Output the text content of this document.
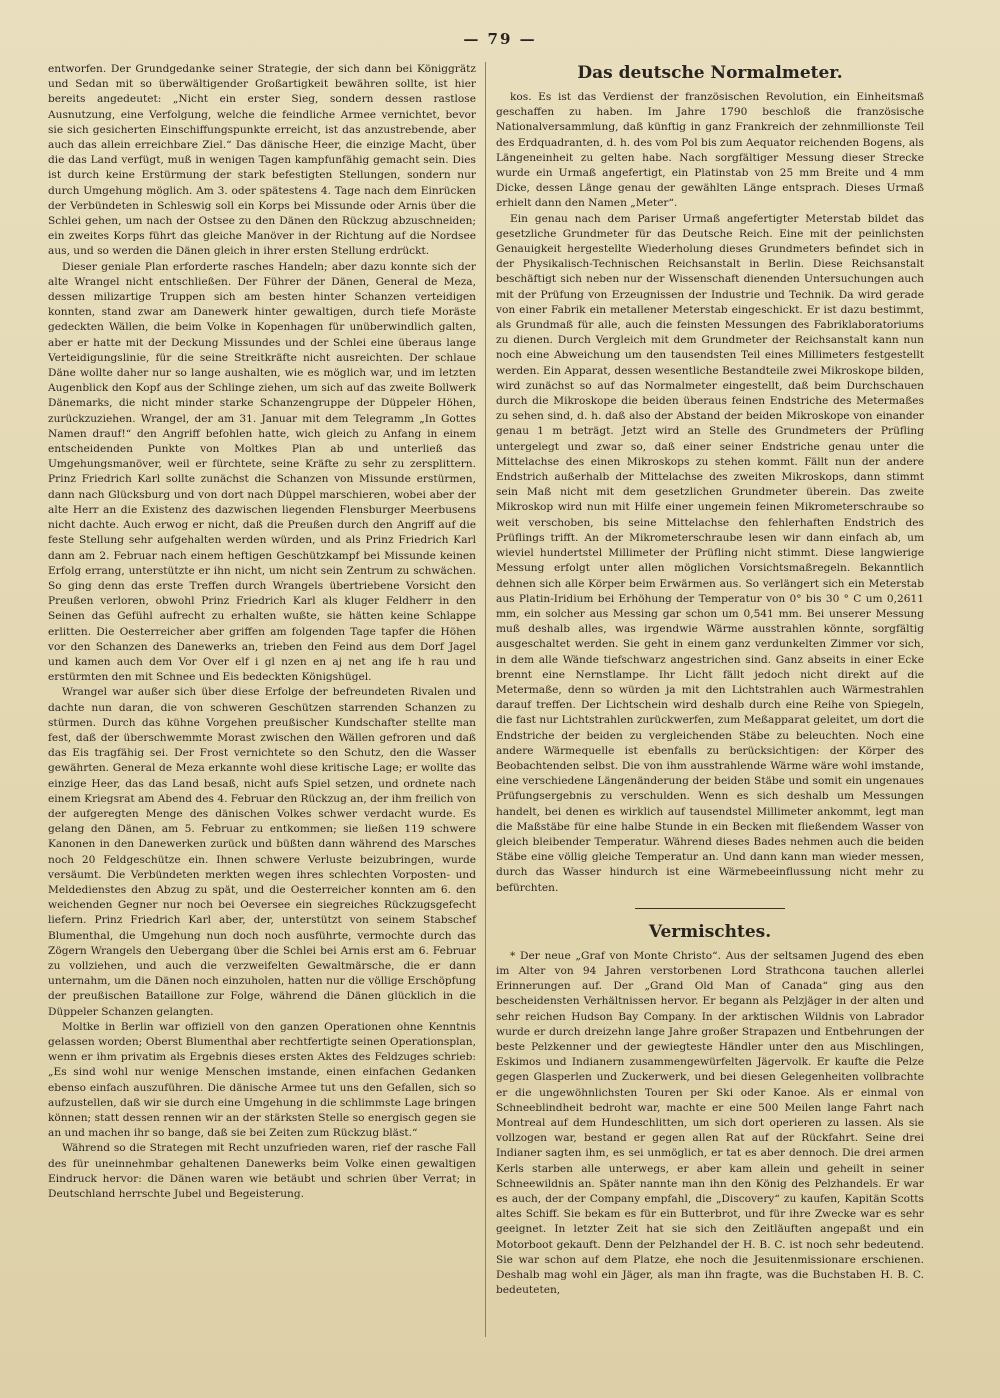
— 79 —

entworfen. Der Grundgedanke seiner Strategie, der sich dann bei Königgrätz und Sedan mit so überwältigender Großartigkeit bewähren sollte, ist hier bereits angedeutet: „Nicht ein erster Sieg, sondern dessen rastlose Ausnutzung, eine Verfolgung, welche die feindliche Armee vernichtet, bevor sie sich gesicherten Einschiffungspunkte erreicht, ist das anzustrebende, aber auch das allein erreichbare Ziel.“ Das dänische Heer, die einzige Macht, über die das Land verfügt, muß in wenigen Tagen kampfunfähig gemacht sein. Dies ist durch keine Erstürmung der stark befestigten Stellungen, sondern nur durch Umgehung möglich. Am 3. oder spätestens 4. Tage nach dem Einrücken der Verbündeten in Schleswig soll ein Korps bei Missunde oder Arnis über die Schlei gehen, um nach der Ostsee zu den Dänen den Rückzug abzuschneiden; ein zweites Korps führt das gleiche Manöver in der Richtung auf die Nordsee aus, und so werden die Dänen gleich in ihrer ersten Stellung erdrückt.

Dieser geniale Plan erforderte rasches Handeln; aber dazu konnte sich der alte Wrangel nicht entschließen. Der Führer der Dänen, General de Meza, dessen milizartige Truppen sich am besten hinter Schanzen verteidigen konnten, stand zwar am Danewerk hinter gewaltigen, durch tiefe Moräste gedeckten Wällen, die beim Volke in Kopenhagen für unüberwindlich galten, aber er hatte mit der Deckung Missundes und der Schlei eine überaus lange Verteidigungslinie, für die seine Streitkräfte nicht ausreichten. Der schlaue Däne wollte daher nur so lange aushalten, wie es möglich war, und im letzten Augenblick den Kopf aus der Schlinge ziehen, um sich auf das zweite Bollwerk Dänemarks, die nicht minder starke Schanzengruppe der Düppeler Höhen, zurückzuziehen. Wrangel, der am 31. Januar mit dem Telegramm „In Gottes Namen drauf!“ den Angriff befohlen hatte, wich gleich zu Anfang in einem entscheidenden Punkte von Moltkes Plan ab und unterließ das Umgehungsmanöver, weil er fürchtete, seine Kräfte zu sehr zu zersplittern. Prinz Friedrich Karl sollte zunächst die Schanzen von Missunde erstürmen, dann nach Glücksburg und von dort nach Düppel marschieren, wobei aber der alte Herr an die Existenz des dazwischen liegenden Flensburger Meerbusens nicht dachte. Auch erwog er nicht, daß die Preußen durch den Angriff auf die feste Stellung sehr aufgehalten werden würden, und als Prinz Friedrich Karl dann am 2. Februar nach einem heftigen Geschützkampf bei Missunde keinen Erfolg errang, unterstützte er ihn nicht, um nicht sein Zentrum zu schwächen. So ging denn das erste Treffen durch Wrangels übertriebene Vorsicht den Preußen verloren, obwohl Prinz Friedrich Karl als kluger Feldherr in den Seinen das Gefühl aufrecht zu erhalten wußte, sie hätten keine Schlappe erlitten. Die Oesterreicher aber griffen am folgenden Tage tapfer die Höhen vor den Schanzen des Danewerks an, trieben den Feind aus dem Dorf Jagel und kamen auch dem Vor Over elf i gl nzen en aj net ang ife h rau und erstürmten den mit Schnee und Eis bedeckten Königshügel.

Wrangel war außer sich über diese Erfolge der befreundeten Rivalen und dachte nun daran, die von schweren Geschützen starrenden Schanzen zu stürmen. Durch das kühne Vorgehen preußischer Kundschafter stellte man fest, daß der überschwemmte Morast zwischen den Wällen gefroren und daß das Eis tragfähig sei. Der Frost vernichtete so den Schutz, den die Wasser gewährten. General de Meza erkannte wohl diese kritische Lage; er wollte das einzige Heer, das das Land besaß, nicht aufs Spiel setzen, und ordnete nach einem Kriegsrat am Abend des 4. Februar den Rückzug an, der ihm freilich von der aufgeregten Menge des dänischen Volkes schwer verdacht wurde. Es gelang den Dänen, am 5. Februar zu entkommen; sie ließen 119 schwere Kanonen in den Danewerken zurück und büßten dann während des Marsches noch 20 Feldgeschütze ein. Ihnen schwere Verluste beizubringen, wurde versäumt. Die Verbündeten merkten wegen ihres schlechten Vorposten- und Meldedienstes den Abzug zu spät, und die Oesterreicher konnten am 6. den weichenden Gegner nur noch bei Oeversee ein siegreiches Rückzugsgefecht liefern. Prinz Friedrich Karl aber, der, unterstützt von seinem Stabschef Blumenthal, die Umgehung nun doch noch ausführte, vermochte durch das Zögern Wrangels den Uebergang über die Schlei bei Arnis erst am 6. Februar zu vollziehen, und auch die verzweifelten Gewaltmärsche, die er dann unternahm, um die Dänen noch einzuholen, hatten nur die völlige Erschöpfung der preußischen Bataillone zur Folge, während die Dänen glücklich in die Düppeler Schanzen gelangten.

Moltke in Berlin war offiziell von den ganzen Operationen ohne Kenntnis gelassen worden; Oberst Blumenthal aber rechtfertigte seinen Operationsplan, wenn er ihm privatim als Ergebnis dieses ersten Aktes des Feldzuges schrieb: „Es sind wohl nur wenige Menschen imstande, einen einfachen Gedanken ebenso einfach auszuführen. Die dänische Armee tut uns den Gefallen, sich so aufzustellen, daß wir sie durch eine Umgehung in die schlimmste Lage bringen können; statt dessen rennen wir an der stärksten Stelle so energisch gegen sie an und machen ihr so bange, daß sie bei Zeiten zum Rückzug bläst.“

Während so die Strategen mit Recht unzufrieden waren, rief der rasche Fall des für uneinnehmbar gehaltenen Danewerks beim Volke einen gewaltigen Eindruck hervor: die Dänen waren wie betäubt und schrien über Verrat; in Deutschland herrschte Jubel und Begeisterung.

Das deutsche Normalmeter.

kos. Es ist das Verdienst der französischen Revolution, ein Einheitsmaß geschaffen zu haben. Im Jahre 1790 beschloß die französische Nationalversammlung, daß künftig in ganz Frankreich der zehnmillionste Teil des Erdquadranten, d. h. des vom Pol bis zum Aequator reichenden Bogens, als Längeneinheit zu gelten habe. Nach sorgfältiger Messung dieser Strecke wurde ein Urmaß angefertigt, ein Platinstab von 25 mm Breite und 4 mm Dicke, dessen Länge genau der gewählten Länge entsprach. Dieses Urmaß erhielt dann den Namen „Meter“.

Ein genau nach dem Pariser Urmaß angefertigter Meterstab bildet das gesetzliche Grundmeter für das Deutsche Reich. Eine mit der peinlichsten Genauigkeit hergestellte Wiederholung dieses Grundmeters befindet sich in der Physikalisch-Technischen Reichsanstalt in Berlin. Diese Reichsanstalt beschäftigt sich neben nur der Wissenschaft dienenden Untersuchungen auch mit der Prüfung von Erzeugnissen der Industrie und Technik. Da wird gerade von einer Fabrik ein metallener Meterstab eingeschickt. Er ist dazu bestimmt, als Grundmaß für alle, auch die feinsten Messungen des Fabriklaboratoriums zu dienen. Durch Vergleich mit dem Grundmeter der Reichsanstalt kann nun noch eine Abweichung um den tausendsten Teil eines Millimeters festgestellt werden. Ein Apparat, dessen wesentliche Bestandteile zwei Mikroskope bilden, wird zunächst so auf das Normalmeter eingestellt, daß beim Durchschauen durch die Mikroskope die beiden überaus feinen Endstriche des Metermaßes zu sehen sind, d. h. daß also der Abstand der beiden Mikroskope von einander genau 1 m beträgt. Jetzt wird an Stelle des Grundmeters der Prüfling untergelegt und zwar so, daß einer seiner Endstriche genau unter die Mittelachse des einen Mikroskops zu stehen kommt. Fällt nun der andere Endstrich außerhalb der Mittelachse des zweiten Mikroskops, dann stimmt sein Maß nicht mit dem gesetzlichen Grundmeter überein. Das zweite Mikroskop wird nun mit Hilfe einer ungemein feinen Mikrometerschraube so weit verschoben, bis seine Mittelachse den fehlerhaften Endstrich des Prüflings trifft. An der Mikrometerschraube lesen wir dann einfach ab, um wieviel hundertstel Millimeter der Prüfling nicht stimmt. Diese langwierige Messung erfolgt unter allen möglichen Vorsichtsmaßregeln. Bekanntlich dehnen sich alle Körper beim Erwärmen aus. So verlängert sich ein Meterstab aus Platin-Iridium bei Erhöhung der Temperatur von 0° bis 30 ° C um 0,2611 mm, ein solcher aus Messing gar schon um 0,541 mm. Bei unserer Messung muß deshalb alles, was irgendwie Wärme ausstrahlen könnte, sorgfältig ausgeschaltet werden. Sie geht in einem ganz verdunkelten Zimmer vor sich, in dem alle Wände tiefschwarz angestrichen sind. Ganz abseits in einer Ecke brennt eine Nernstlampe. Ihr Licht fällt jedoch nicht direkt auf die Metermaße, denn so würden ja mit den Lichtstrahlen auch Wärmestrahlen darauf treffen. Der Lichtschein wird deshalb durch eine Reihe von Spiegeln, die fast nur Lichtstrahlen zurückwerfen, zum Meßapparat geleitet, um dort die Endstriche der beiden zu vergleichenden Stäbe zu beleuchten. Noch eine andere Wärmequelle ist ebenfalls zu berücksichtigen: der Körper des Beobachtenden selbst. Die von ihm ausstrahlende Wärme wäre wohl imstande, eine verschiedene Längenänderung der beiden Stäbe und somit ein ungenaues Prüfungsergebnis zu verschulden. Wenn es sich deshalb um Messungen handelt, bei denen es wirklich auf tausendstel Millimeter ankommt, legt man die Maßstäbe für eine halbe Stunde in ein Becken mit fließendem Wasser von gleich bleibender Temperatur. Während dieses Bades nehmen auch die beiden Stäbe eine völlig gleiche Temperatur an. Und dann kann man wieder messen, durch das Wasser hindurch ist eine Wärmebeeinflussung nicht mehr zu befürchten.

Vermischtes.

* Der neue „Graf von Monte Christo“. Aus der seltsamen Jugend des eben im Alter von 94 Jahren verstorbenen Lord Strathcona tauchen allerlei Erinnerungen auf. Der „Grand Old Man of Canada“ ging aus den bescheidensten Verhältnissen hervor. Er begann als Pelzjäger in der alten und sehr reichen Hudson Bay Company. In der arktischen Wildnis von Labrador wurde er durch dreizehn lange Jahre großer Strapazen und Entbehrungen der beste Pelzkenner und der gewiegteste Händler unter den aus Mischlingen, Eskimos und Indianern zusammengewürfelten Jägervolk. Er kaufte die Pelze gegen Glasperlen und Zuckerwerk, und bei diesen Gelegenheiten vollbrachte er die ungewöhnlichsten Touren per Ski oder Kanoe. Als er einmal von Schneeblindheit bedroht war, machte er eine 500 Meilen lange Fahrt nach Montreal auf dem Hundeschlitten, um sich dort operieren zu lassen. Als sie vollzogen war, bestand er gegen allen Rat auf der Rückfahrt. Seine drei Indianer sagten ihm, es sei unmöglich, er tat es aber dennoch. Die drei armen Kerls starben alle unterwegs, er aber kam allein und geheilt in seiner Schneewildnis an. Später nannte man ihn den König des Pelzhandels. Er war es auch, der der Company empfahl, die „Discovery“ zu kaufen, Kapitän Scotts altes Schiff. Sie bekam es für ein Butterbrot, und für ihre Zwecke war es sehr geeignet. In letzter Zeit hat sie sich den Zeitläuften angepaßt und ein Motorboot gekauft. Denn der Pelzhandel der H. B. C. ist noch sehr bedeutend. Sie war schon auf dem Platze, ehe noch die Jesuitenmissionare erschienen. Deshalb mag wohl ein Jäger, als man ihn fragte, was die Buchstaben H. B. C. bedeuteten,
